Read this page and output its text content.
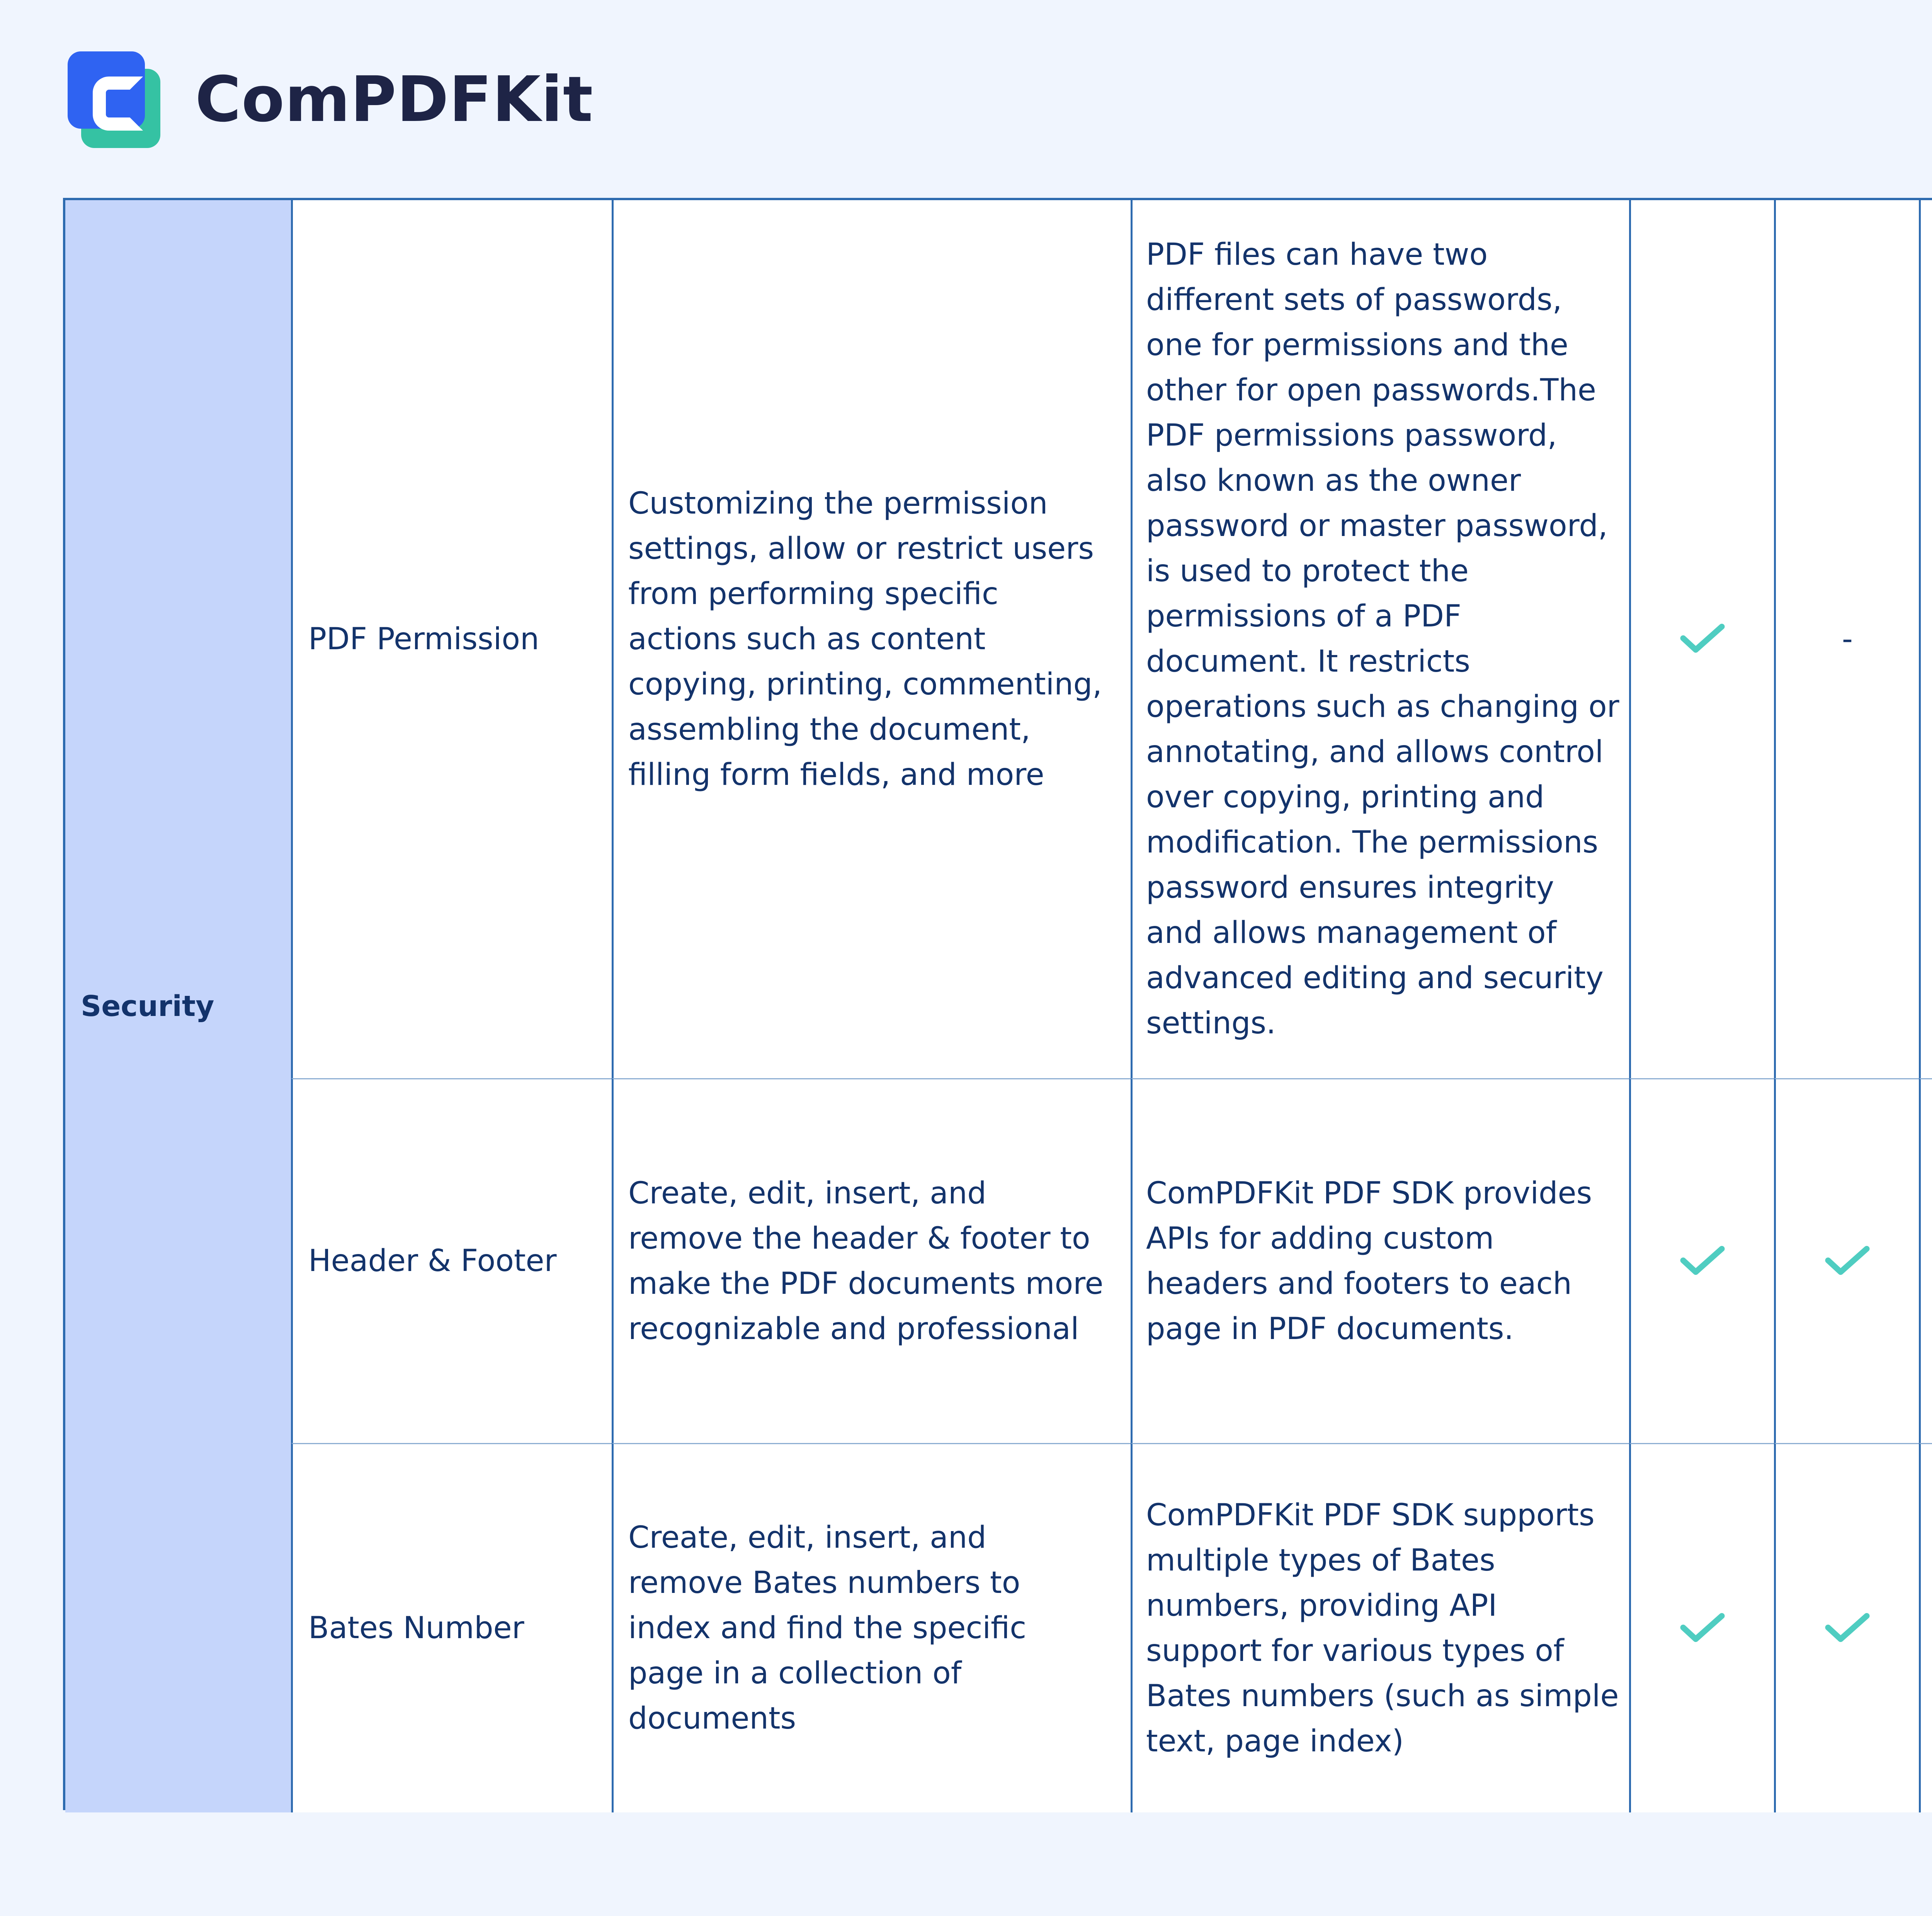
ComPDFKit
Security
PDF Permission
Customizing the permission settings, allow or restrict users from performing specific actions such as content copying, printing, commenting, assembling the document, filling form fields, and more
PDF files can have two different sets of passwords, one for permissions and the other for open passwords.The PDF permissions password, also known as the owner password or master password, is used to protect the permissions of a PDF document. It restricts operations such as changing or annotating, and allows control over copying, printing and modification. The permissions password ensures integrity and allows management of advanced editing and security settings.
-
Header & Footer
Create, edit, insert, and remove the header & footer to make the PDF documents more recognizable and professional
ComPDFKit PDF SDK provides APIs for adding custom headers and footers to each page in PDF documents.
Bates Number
Create, edit, insert, and remove Bates numbers to index and find the specific page in a collection of documents
ComPDFKit PDF SDK supports multiple types of Bates numbers, providing API support for various types of Bates numbers (such as simple text, page index)
